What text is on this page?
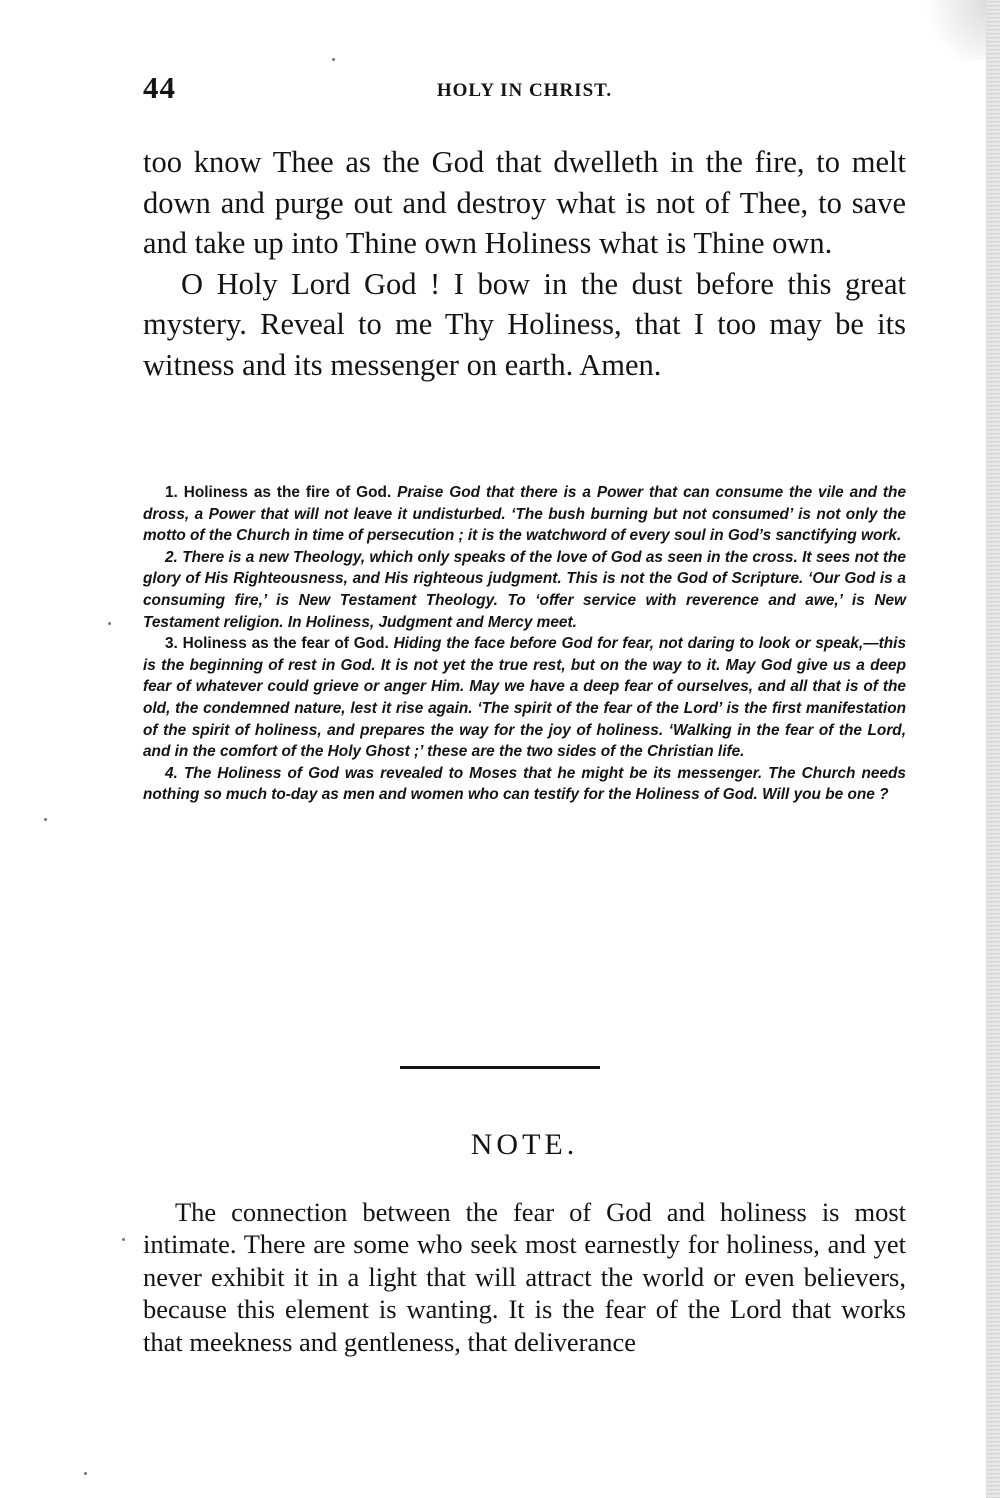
44	HOLY IN CHRIST.

too know Thee as the God that dwelleth in the fire, to melt down and purge out and destroy what is not of Thee, to save and take up into Thine own Holiness what is Thine own.

O Holy Lord God ! I bow in the dust before this great mystery. Reveal to me Thy Holiness, that I too may be its witness and its messenger on earth. Amen.

1. Holiness as the fire of God. Praise God that there is a Power that can consume the vile and the dross, a Power that will not leave it undisturbed. ‘The bush burning but not consumed’ is not only the motto of the Church in time of persecution ; it is the watchword of every soul in God’s sanctifying work.

2. There is a new Theology, which only speaks of the love of God as seen in the cross. It sees not the glory of His Righteousness, and His righteous judgment. This is not the God of Scripture. ‘Our God is a consuming fire,’ is New Testament Theology. To ‘offer service with reverence and awe,’ is New Testament religion. In Holiness, Judgment and Mercy meet.

3. Holiness as the fear of God. Hiding the face before God for fear, not daring to look or speak,—this is the beginning of rest in God. It is not yet the true rest, but on the way to it. May God give us a deep fear of whatever could grieve or anger Him. May we have a deep fear of ourselves, and all that is of the old, the condemned nature, lest it rise again. ‘The spirit of the fear of the Lord’ is the first manifestation of the spirit of holiness, and prepares the way for the joy of holiness. ‘Walking in the fear of the Lord, and in the comfort of the Holy Ghost ;’ these are the two sides of the Christian life.

4. The Holiness of God was revealed to Moses that he might be its messenger. The Church needs nothing so much to-day as men and women who can testify for the Holiness of God. Will you be one ?

NOTE.

The connection between the fear of God and holiness is most intimate. There are some who seek most earnestly for holiness, and yet never exhibit it in a light that will attract the world or even believers, because this element is wanting. It is the fear of the Lord that works that meekness and gentleness, that deliverance
